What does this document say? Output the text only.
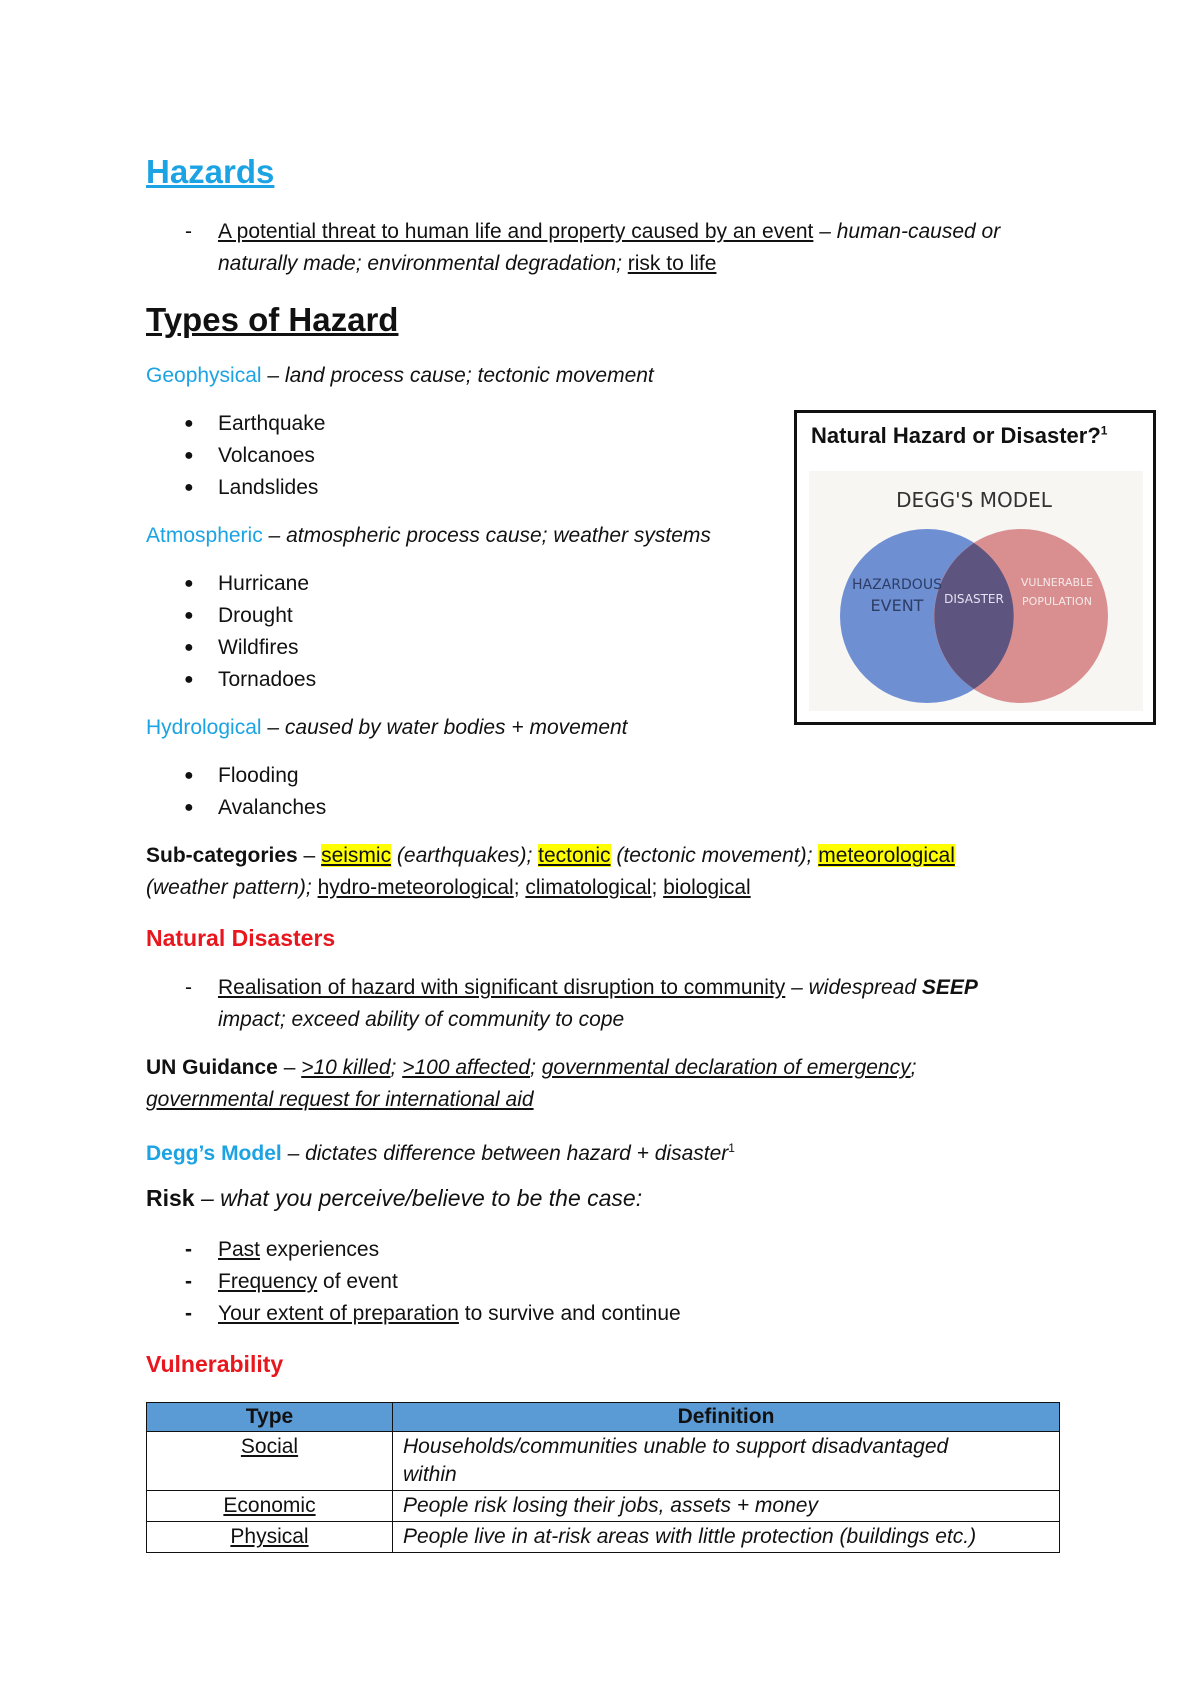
Hazards
- A potential threat to human life and property caused by an event – human-caused or
naturally made; environmental degradation; risk to life
Types of Hazard
Geophysical – land process cause; tectonic movement
● Earthquake
● Volcanoes
● Landslides
Atmospheric – atmospheric process cause; weather systems
● Hurricane
● Drought
● Wildfires
● Tornadoes
Hydrological – caused by water bodies + movement
● Flooding
● Avalanches
Sub-categories – seismic (earthquakes); tectonic (tectonic movement); meteorological
(weather pattern); hydro-meteorological; climatological; biological
Natural Disasters
- Realisation of hazard with significant disruption to community – widespread SEEP
impact; exceed ability of community to cope
UN Guidance – >10 killed; >100 affected; governmental declaration of emergency;
governmental request for international aid
Degg’s Model – dictates difference between hazard + disaster$^1$
Risk – what you perceive/believe to be the case:
- Past experiences
- Frequency of event
- Your extent of preparation to survive and continue
Vulnerability
Type	Definition
Social	Households/communities unable to support disadvantaged
within

Economic	People risk losing their jobs, assets + money
Physical	People live in at-risk areas with little protection (buildings etc.)
Natural Hazard or Disaster?$^1$
DEGG'S MODEL
HAZARDOUS
EVENT DISASTER
VULNERABLE
POPULATION
